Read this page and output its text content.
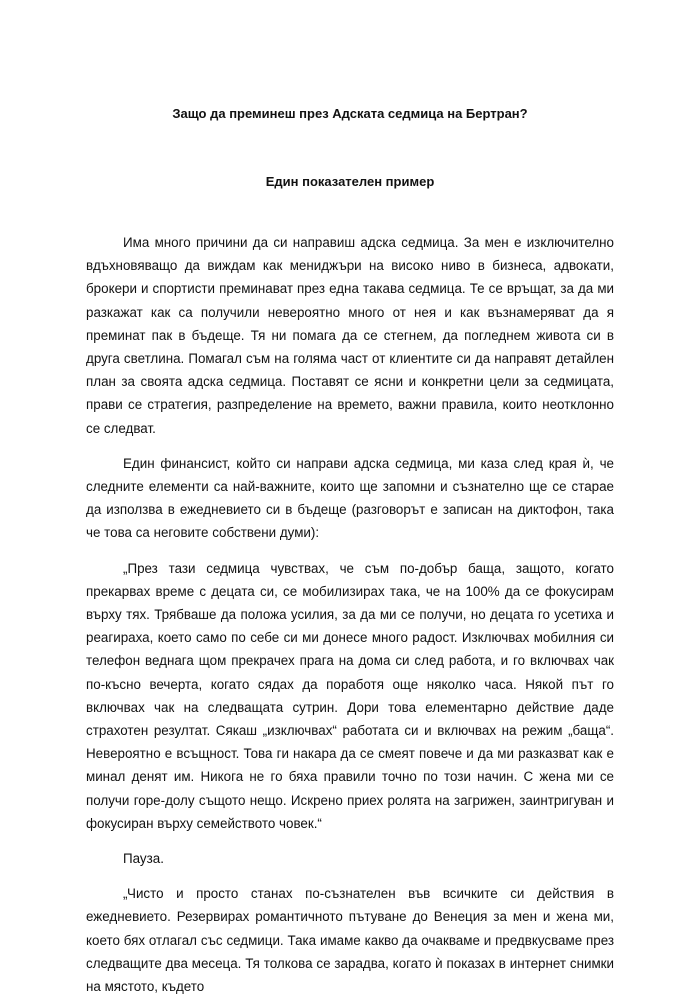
Защо да преминеш през Адската седмица на Бертран?
Един показателен пример

Има много причини да си направиш адска седмица. За мен е изключително вдъхновяващо да виждам как мениджъри на високо ниво в бизнеса, адвокати, брокери и спортисти преминават през една такава седмица. Те се връщат, за да ми разкажат как са получили невероятно много от нея и как възнамеряват да я преминат пак в бъдеще. Тя ни помага да се стегнем, да погледнем живота си в друга светлина. Помагал съм на голяма част от клиентите си да направят детайлен план за своята адска седмица. Поставят се ясни и конкретни цели за седмицата, прави се стратегия, разпределение на времето, важни правила, които неотклонно се следват.

Един финансист, който си направи адска седмица, ми каза след края ѝ, че следните елементи са най-важните, които ще запомни и съзнателно ще се старае да използва в ежедневието си в бъдеще (разговорът е записан на диктофон, така че това са неговите собствени думи):

„През тази седмица чувствах, че съм по-добър баща, защото, когато прекарвах време с децата си, се мобилизирах така, че на 100% да се фокусирам върху тях. Трябваше да положа усилия, за да ми се получи, но децата го усетиха и реагираха, което само по себе си ми донесе много радост. Изключвах мобилния си телефон веднага щом прекрачех прага на дома си след работа, и го включвах чак по-късно вечерта, когато сядах да поработя още няколко часа. Някой път го включвах чак на следващата сутрин. Дори това елементарно действие даде страхотен резултат. Сякаш „изключвах“ работата си и включвах на режим „баща“. Невероятно е всъщност. Това ги накара да се смеят повече и да ми разказват как е минал денят им. Никога не го бяха правили точно по този начин. С жена ми се получи горе-долу същото нещо. Искрено приех ролята на загрижен, заинтригуван и фокусиран върху семейството човек.“

Пауза.

„Чисто и просто станах по-съзнателен във всичките си действия в ежедневието. Резервирах романтичното пътуване до Венеция за мен и жена ми, което бях отлагал със седмици. Така имаме какво да очакваме и предвкусваме през следващите два месеца. Тя толкова се зарадва, когато ѝ показах в интернет снимки на мястото, където
